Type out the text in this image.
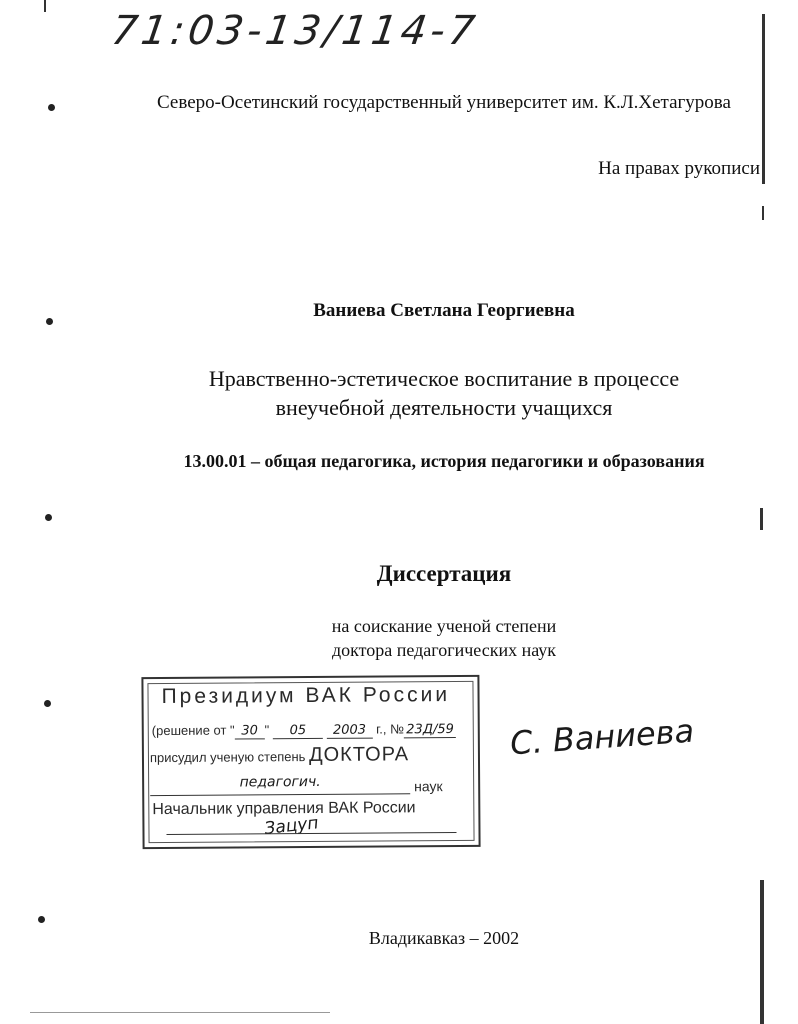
71:03-13/114-7
Северо-Осетинский государственный университет им. К.Л.Хетагурова
На правах рукописи
Ваниева Светлана Георгиевна
Нравственно-эстетическое воспитание в процессе
внеучебной деятельности учащихся
13.00.01 – общая педагогика, история педагогики и образования
Диссертация
на соискание ученой степени
доктора педагогических наук
Президиум ВАК России
(решение от " 30 " 05 2003 г., № 23Д/59
присудил ученую степень ДОКТОРА
педагогич.	наук
Начальник управления ВАК России
Зацуп
С. Ваниева
Владикавказ – 2002
